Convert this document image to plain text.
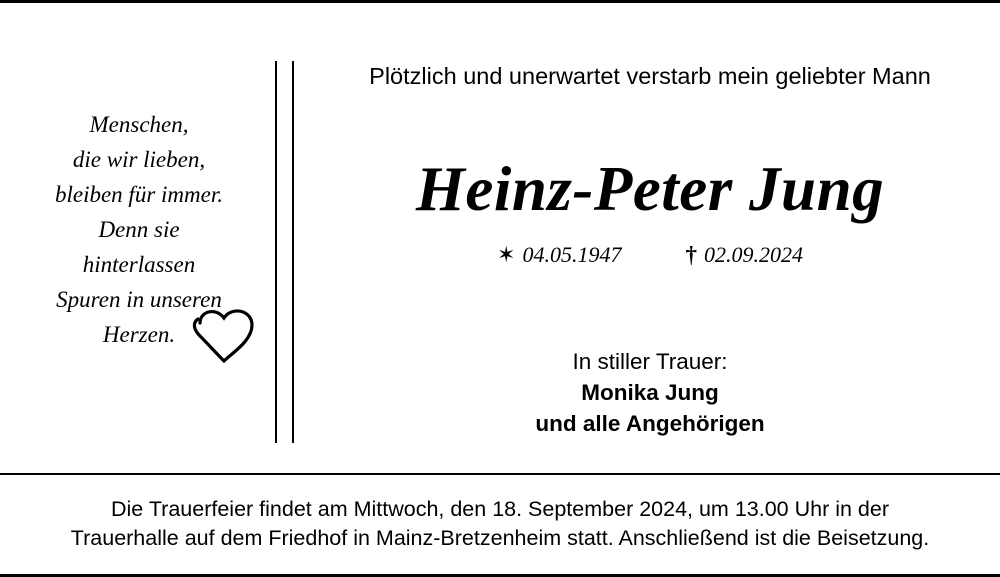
Menschen,
die wir lieben,
bleiben für immer.
Denn sie
hinterlassen
Spuren in unseren
Herzen.
Plötzlich und unerwartet verstarb mein geliebter Mann
Heinz-Peter Jung
✶ 04.05.1947	† 02.09.2024
In stiller Trauer:
Monika Jung
und alle Angehörigen
Die Trauerfeier findet am Mittwoch, den 18. September 2024, um 13.00 Uhr in der
Trauerhalle auf dem Friedhof in Mainz-Bretzenheim statt. Anschließend ist die Beisetzung.
